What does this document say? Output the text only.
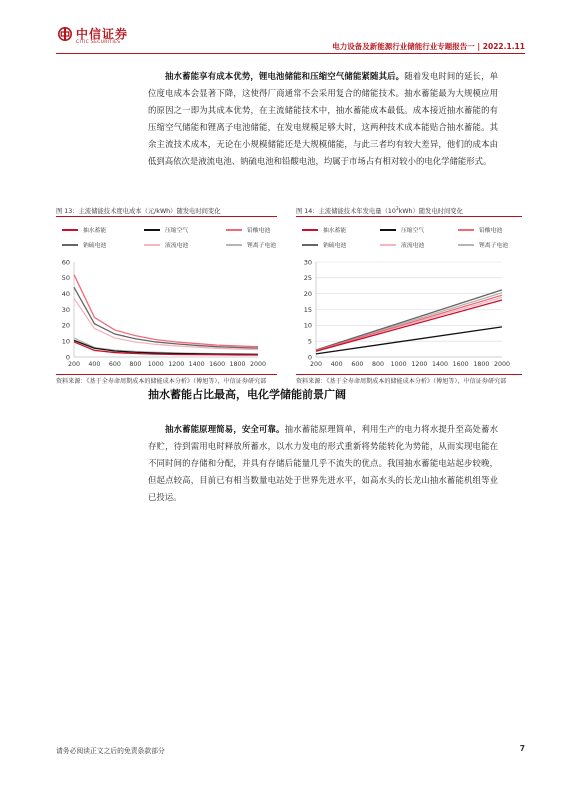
中信证券
CITIC SECURITIES	电力设备及新能源行业储能行业专题报告一 | 2022.1.11
抽水蓄能享有成本优势，锂电池储能和压缩空气储能紧随其后。随着发电时间的延长，单位度电成本会显著下降，这使得厂商通常不会采用复合的储能技术。抽水蓄能最为大规模应用的原因之一即为其成本优势，在主流储能技术中，抽水蓄能成本最低。成本接近抽水蓄能的有压缩空气储能和锂离子电池储能，在发电规模足够大时，这两种技术成本能贴合抽水蓄能。其余主流技术成本，无论在小规模储能还是大规模储能，与此三者均有较大差异，他们的成本由低到高依次是液流电池、钠硫电池和铅酸电池，均属于市场占有相对较小的电化学储能形式。
图 13：主流储能技术度电成本（元/kWh）随发电时间变化
抽水蓄能	压缩空气	铅酸电池
钠硫电池	液流电池	锂离子电池
0
10
20
30
40
50
60
200 400 600 800 1000 1200 1400 1600 1800 2000
资料来源：《基于全寿命周期成本的储能成本分析》（傅旭等），中信证券研究部
图 14：主流储能技术年发电量$(10^3kWh)$随发电时间变化
抽水蓄能	压缩空气	铅酸电池
钠硫电池	液流电池	锂离子电池
0
5
10
15
20
25
30
200 400 600 800 1000 1200 1400 1600 1800 2000
资料来源：《基于全寿命周期成本的储能成本分析》（傅旭等），中信证券研究部
抽水蓄能占比最高，电化学储能前景广阔
抽水蓄能原理简易，安全可靠。抽水蓄能原理简单，利用生产的电力将水提升至高处蓄水存贮，待到需用电时释放所蓄水，以水力发电的形式重新将势能转化为势能，从而实现电能在不同时间的存储和分配，并具有存储后能量几乎不流失的优点。我国抽水蓄能电站起步较晚，但起点较高，目前已有相当数量电站处于世界先进水平，如高水头的长龙山抽水蓄能机组等业已投运。
请务必阅读正文之后的免责条款部分	7
